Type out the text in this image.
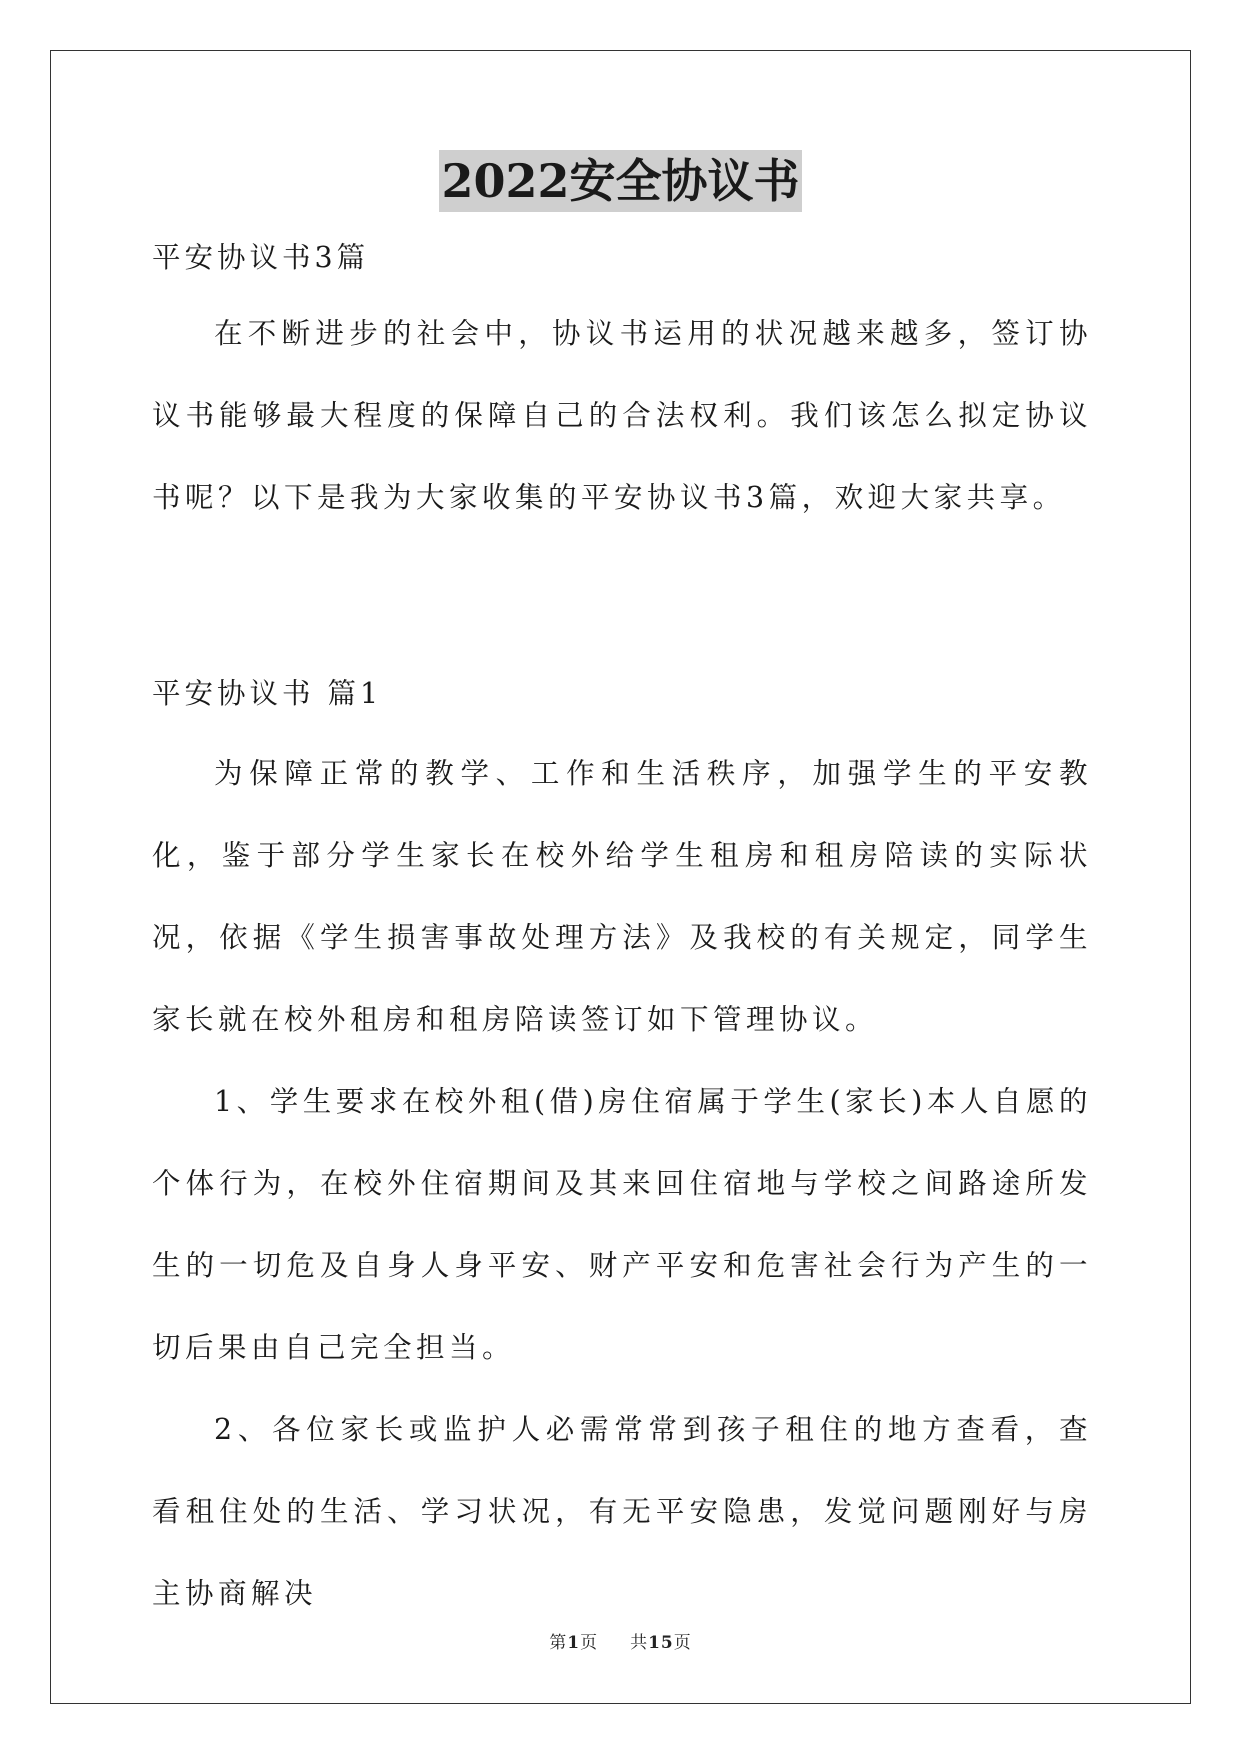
2022安全协议书
平安协议书3篇
在不断进步的社会中，协议书运用的状况越来越多，签订协议书能够最大程度的保障自己的合法权利。我们该怎么拟定协议书呢？以下是我为大家收集的平安协议书3篇，欢迎大家共享。
平安协议书 篇1
为保障正常的教学、工作和生活秩序，加强学生的平安教化，鉴于部分学生家长在校外给学生租房和租房陪读的实际状况，依据《学生损害事故处理方法》及我校的有关规定，同学生家长就在校外租房和租房陪读签订如下管理协议。
1、学生要求在校外租(借)房住宿属于学生(家长)本人自愿的个体行为，在校外住宿期间及其来回住宿地与学校之间路途所发生的一切危及自身人身平安、财产平安和危害社会行为产生的一切后果由自己完全担当。
2、各位家长或监护人必需常常到孩子租住的地方查看，查看租住处的生活、学习状况，有无平安隐患，发觉问题刚好与房主协商解决
第1页 共15页
